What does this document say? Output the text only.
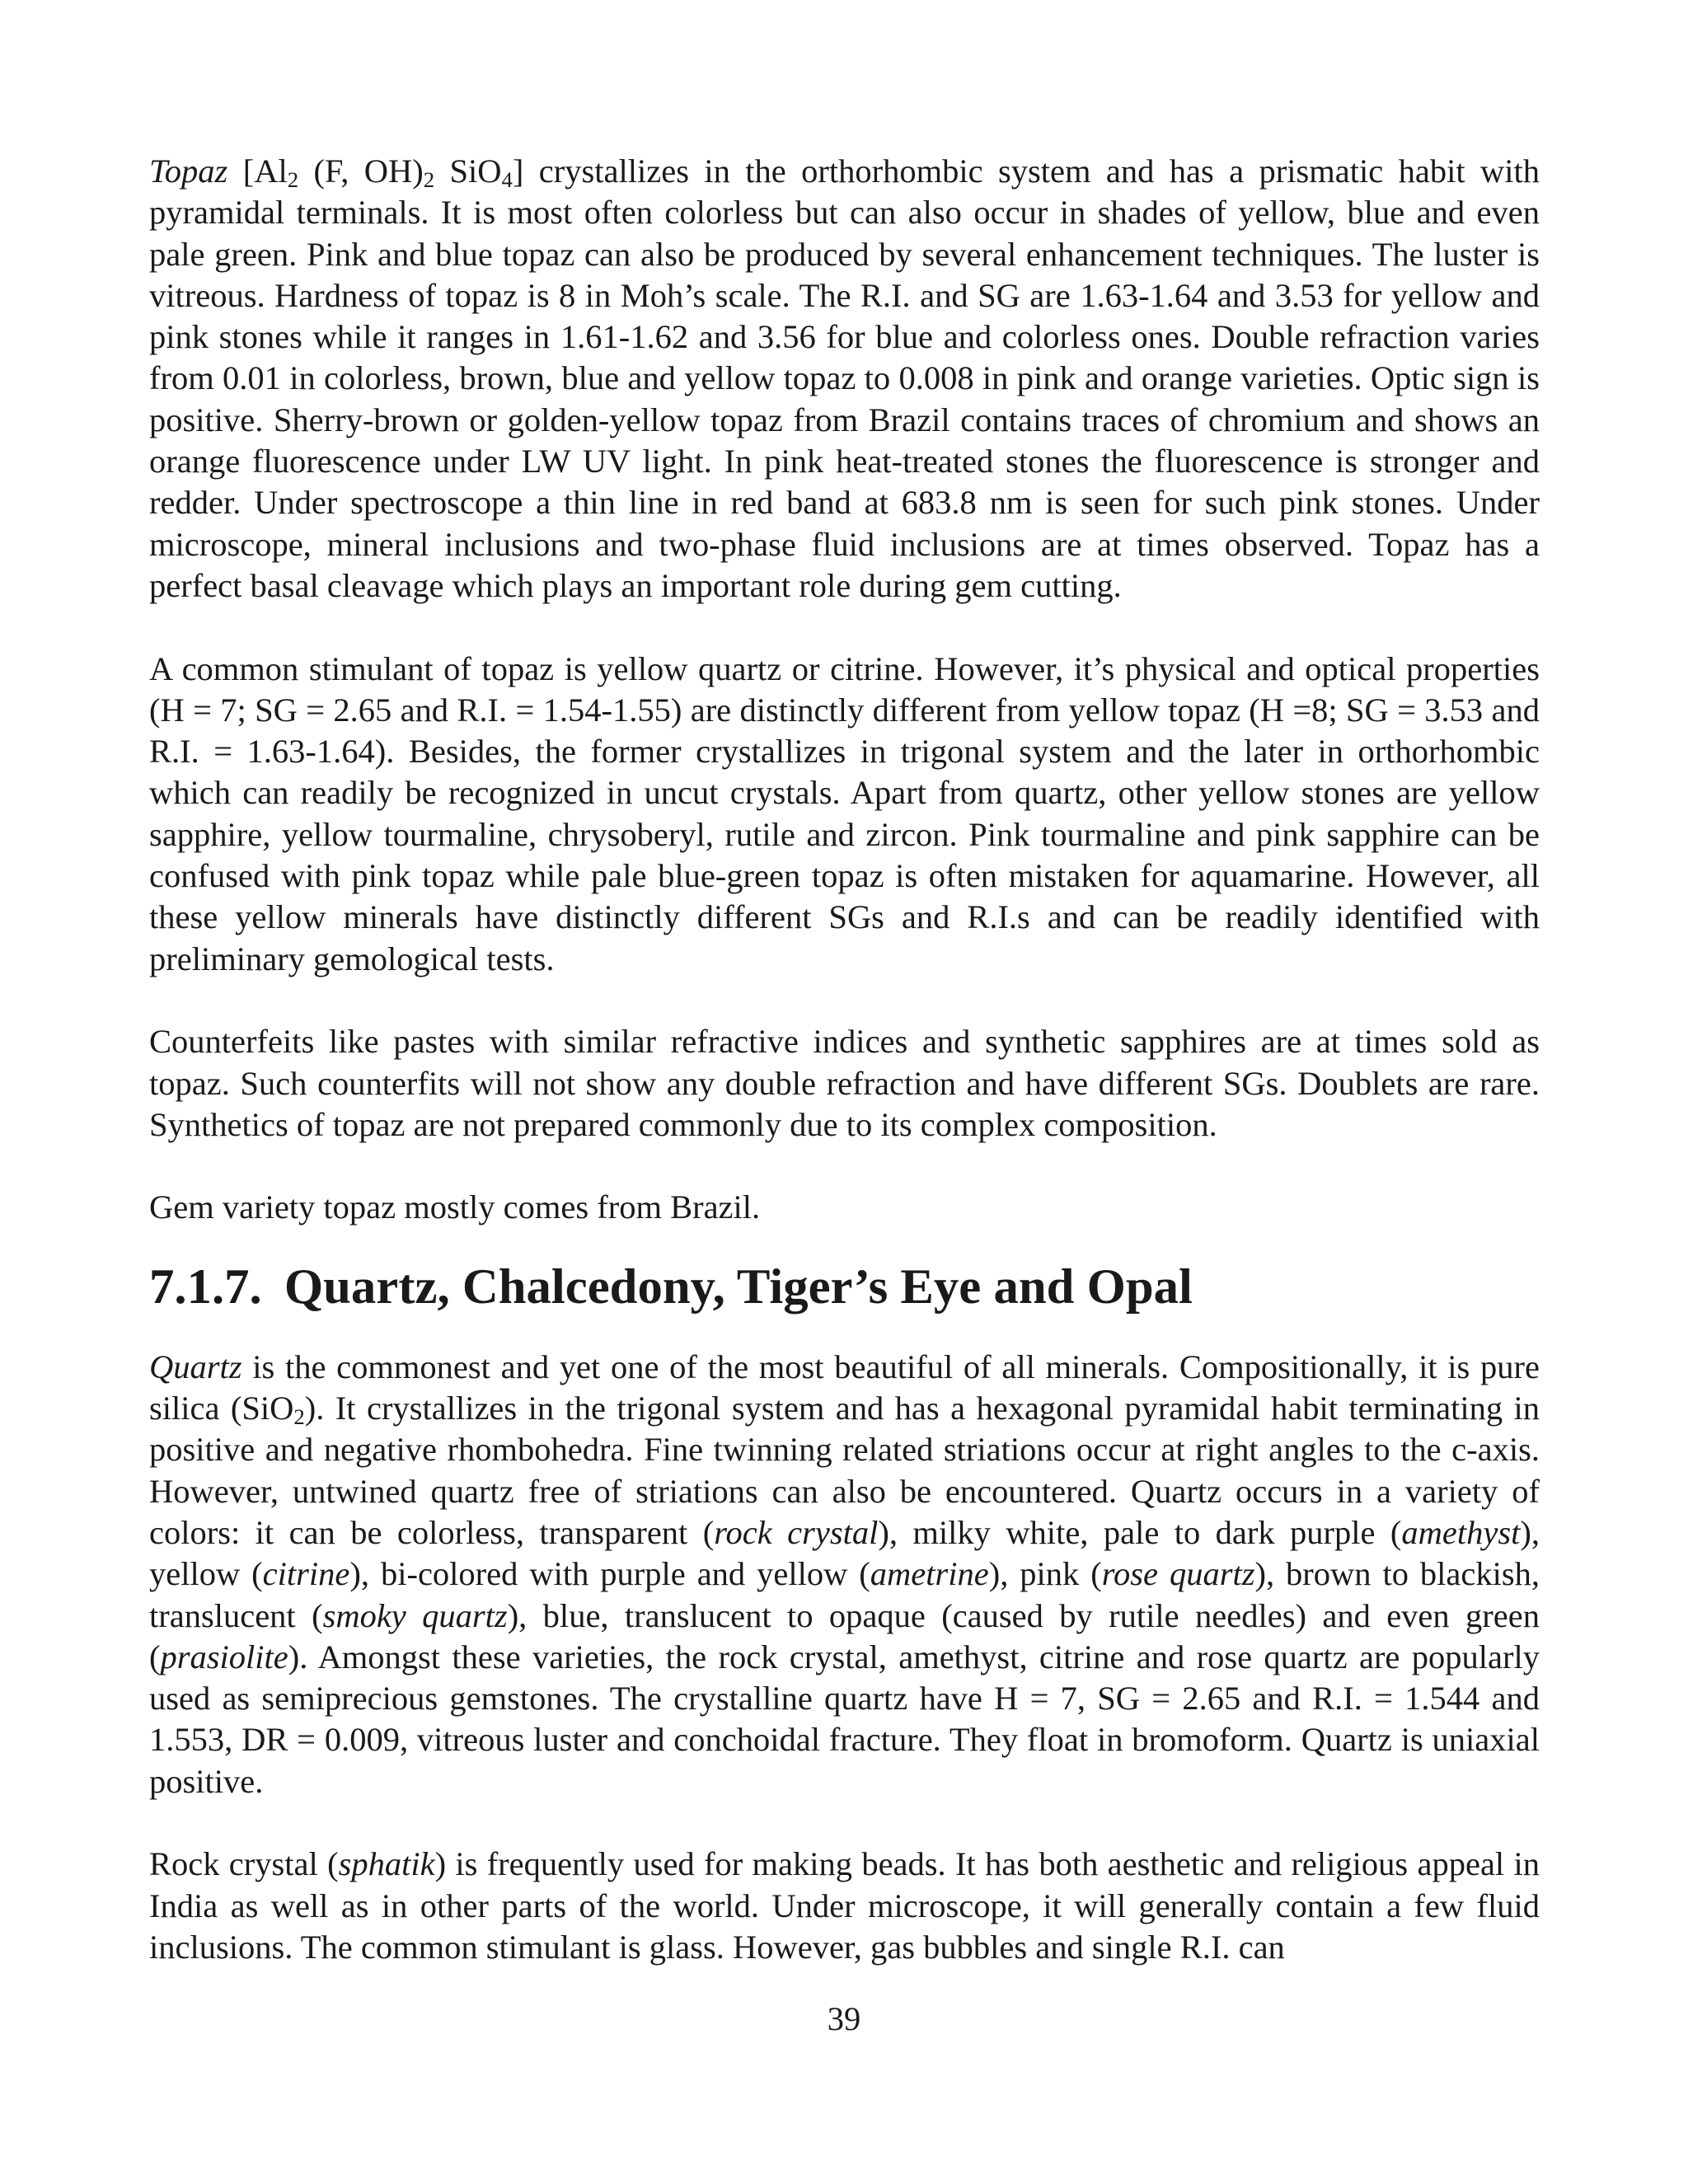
Topaz [$Al_2$ (F, $OH)_2$ SiO$_4$] crystallizes in the orthorhombic system and has a prismatic habit with pyramidal terminals. It is most often colorless but can also occur in shades of yellow, blue and even pale green. Pink and blue topaz can also be produced by several enhancement techniques. The luster is vitreous. Hardness of topaz is 8 in Moh’s scale. The R.I. and SG are 1.63-1.64 and 3.53 for yellow and pink stones while it ranges in 1.61-1.62 and 3.56 for blue and colorless ones. Double refraction varies from 0.01 in colorless, brown, blue and yellow topaz to 0.008 in pink and orange varieties. Optic sign is positive. Sherry-brown or golden-yellow topaz from Brazil contains traces of chromium and shows an orange fluorescence under LW UV light. In pink heat-treated stones the fluorescence is stronger and redder. Under spectroscope a thin line in red band at 683.8 nm is seen for such pink stones. Under microscope, mineral inclusions and two-phase fluid inclusions are at times observed. Topaz has a perfect basal cleavage which plays an important role during gem cutting.

A common stimulant of topaz is yellow quartz or citrine. However, it’s physical and optical properties (H = 7; SG = 2.65 and R.I. = 1.54-1.55) are distinctly different from yellow topaz (H =8; SG = 3.53 and R.I. = 1.63-1.64). Besides, the former crystallizes in trigonal system and the later in orthorhombic which can readily be recognized in uncut crystals. Apart from quartz, other yellow stones are yellow sapphire, yellow tourmaline, chrysoberyl, rutile and zircon. Pink tourmaline and pink sapphire can be confused with pink topaz while pale blue-green topaz is often mistaken for aquamarine. However, all these yellow minerals have distinctly different SGs and R.I.s and can be readily identified with preliminary gemological tests.

Counterfeits like pastes with similar refractive indices and synthetic sapphires are at times sold as topaz. Such counterfits will not show any double refraction and have different SGs. Doublets are rare. Synthetics of topaz are not prepared commonly due to its complex composition.

Gem variety topaz mostly comes from Brazil.

7.1.7. Quartz, Chalcedony, Tiger’s Eye and Opal

Quartz is the commonest and yet one of the most beautiful of all minerals. Compositionally, it is pure silica (SiO$_2$). It crystallizes in the trigonal system and has a hexagonal pyramidal habit terminating in positive and negative rhombohedra. Fine twinning related striations occur at right angles to the c-axis. However, untwined quartz free of striations can also be encountered. Quartz occurs in a variety of colors: it can be colorless, transparent (rock crystal), milky white, pale to dark purple (amethyst), yellow (citrine), bi-colored with purple and yellow (ametrine), pink (rose quartz), brown to blackish, translucent (smoky quartz), blue, translucent to opaque (caused by rutile needles) and even green (prasiolite). Amongst these varieties, the rock crystal, amethyst, citrine and rose quartz are popularly used as semiprecious gemstones. The crystalline quartz have H = 7, SG = 2.65 and R.I. = 1.544 and 1.553, DR = 0.009, vitreous luster and conchoidal fracture. They float in bromoform. Quartz is uniaxial positive.

Rock crystal (sphatik) is frequently used for making beads. It has both aesthetic and religious appeal in India as well as in other parts of the world. Under microscope, it will generally contain a few fluid inclusions. The common stimulant is glass. However, gas bubbles and single R.I. can

39
